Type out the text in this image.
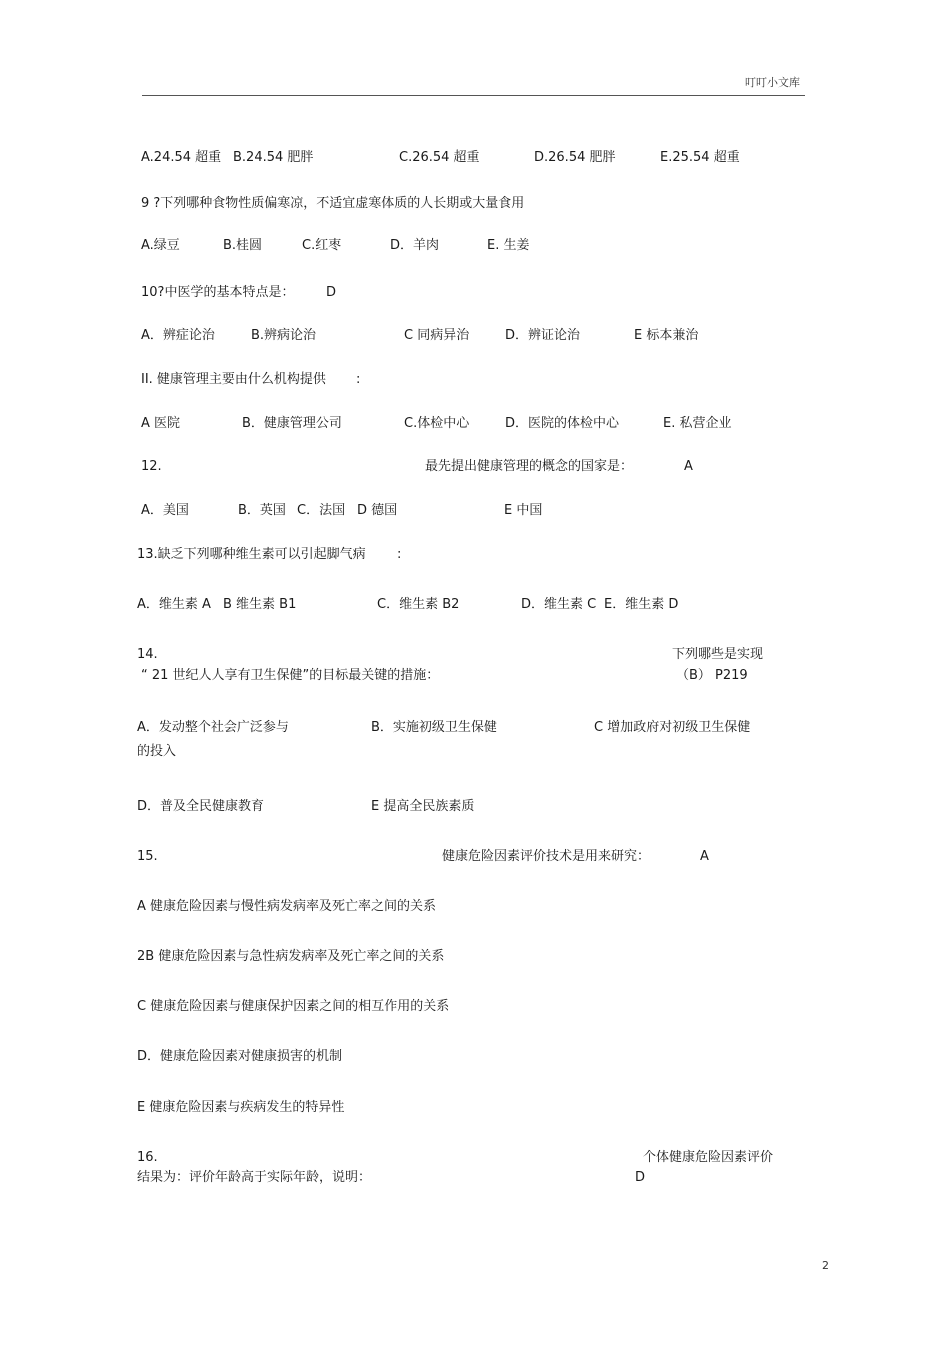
叮叮小文库
A.24.54 超重 B.24.54 肥胖	C.26.54 超重	D.26.54 肥胖	E.25.54 超重
9 ?下列哪种食物性质偏寒凉，不适宜虚寒体质的人长期或大量食用
A.绿豆	B.桂圆	C.红枣	D．羊肉	E. 生姜
10?中医学的基本特点是： D
A．辨症论治	B.辨病论治	C 同病异治	D．辨证论治	E 标本兼治
II. 健康管理主要由什么机构提供 :
A 医院	B．健康管理公司	C.体检中心	D．医院的体检中心	E. 私营企业
12.	最先提出健康管理的概念的国家是：	A
A．美国	B．英国 C．法国 D 德国	E 中国
13.缺乏下列哪种维生素可以引起脚气病 :
A．维生素 A B 维生素 B1	C．维生素 B2	D．维生素 C E．维生素 D
14.	下列哪些是实现
“ 21 世纪人人享有卫生保健”的目标最关键的措施：	（B） P219
A．发动整个社会广泛参与	B．实施初级卫生保健	C 增加政府对初级卫生保健
的投入
D．普及全民健康教育	E 提高全民族素质
15.	健康危险因素评价技术是用来研究：	A
A 健康危险因素与慢性病发病率及死亡率之间的关系
2B 健康危险因素与急性病发病率及死亡率之间的关系
C 健康危险因素与健康保护因素之间的相互作用的关系
D．健康危险因素对健康损害的机制
E 健康危险因素与疾病发生的特异性
16.	个体健康危险因素评价
结果为：评价年龄高于实际年龄，说明：	D
2
